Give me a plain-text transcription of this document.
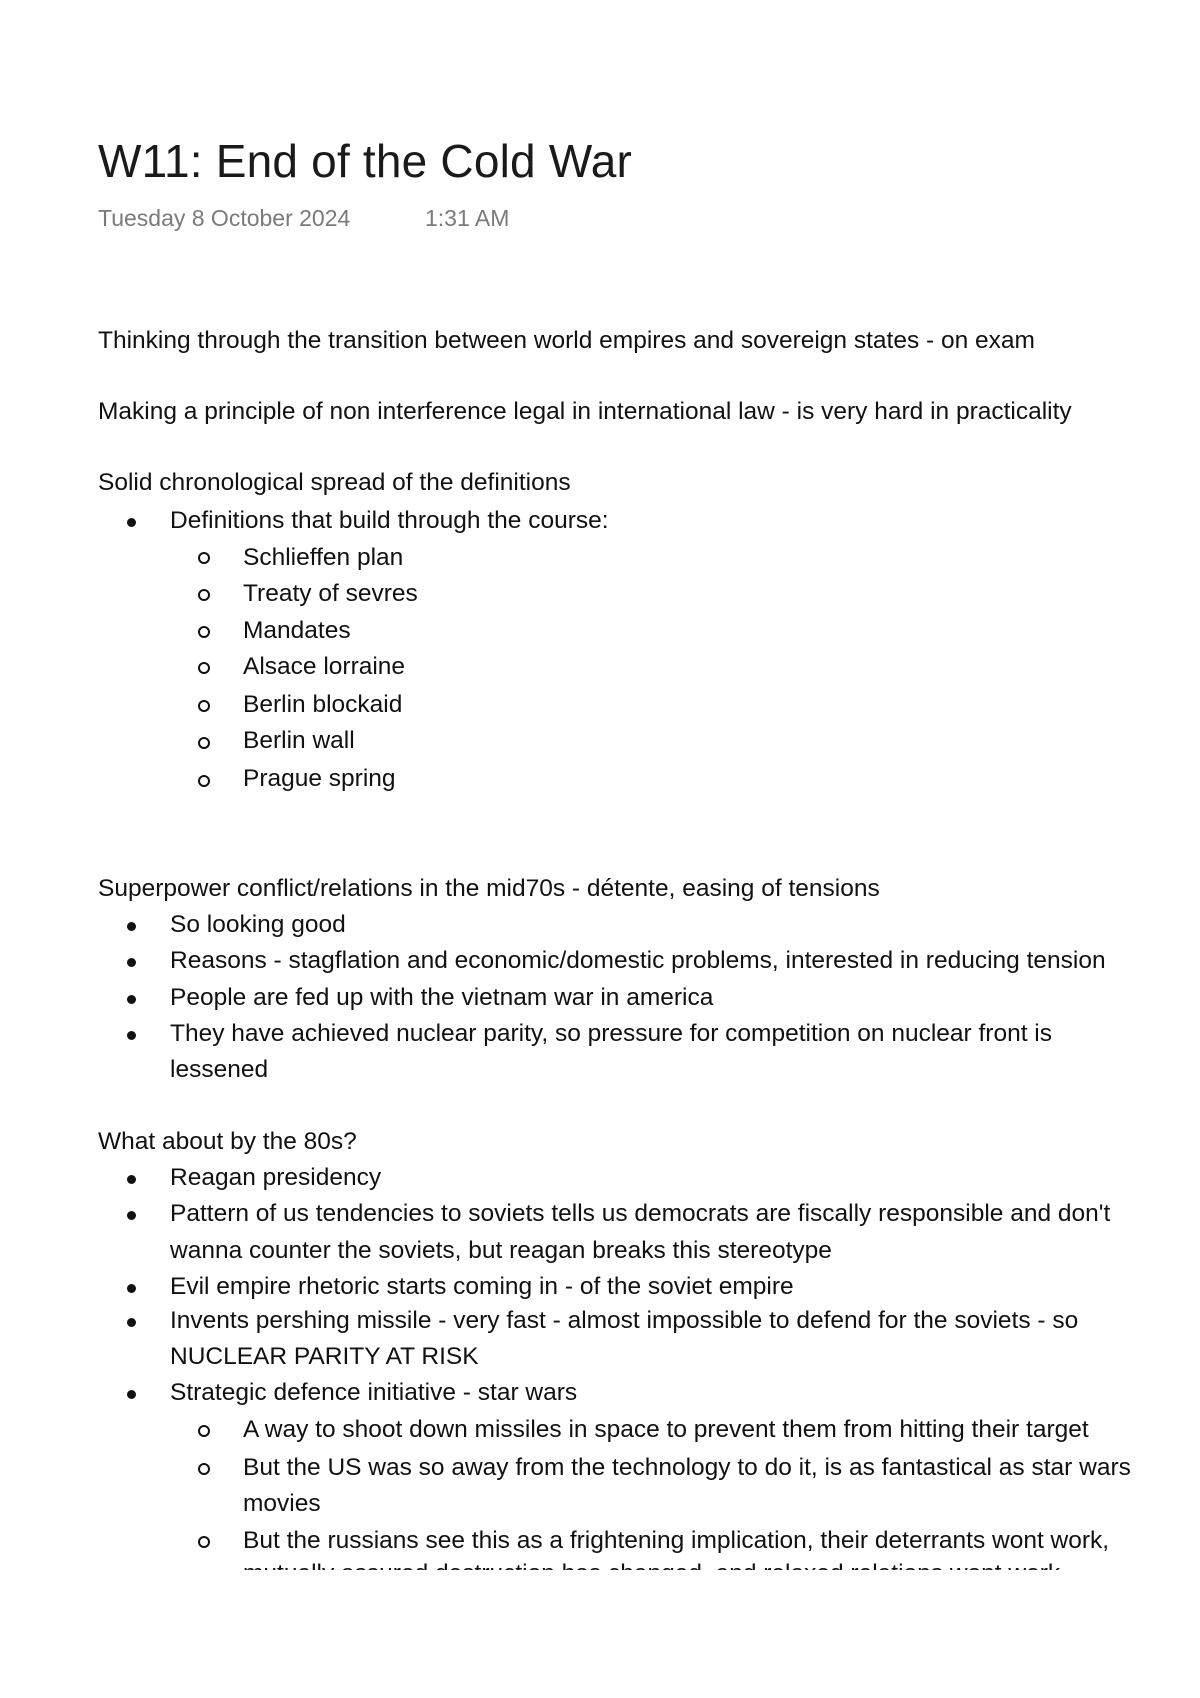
W11: End of the Cold War
Tuesday 8 October 2024	1:31 AM
Thinking through the transition between world empires and sovereign states - on exam
Making a principle of non interference legal in international law - is very hard in practicality
Solid chronological spread of the definitions
Definitions that build through the course:
Schlieffen plan
Treaty of sevres
Mandates
Alsace lorraine
Berlin blockaid
Berlin wall
Prague spring
Superpower conflict/relations in the mid70s - détente, easing of tensions
So looking good
Reasons - stagflation and economic/domestic problems, interested in reducing tension
People are fed up with the vietnam war in america
They have achieved nuclear parity, so pressure for competition on nuclear front is
lessened
What about by the 80s?
Reagan presidency
Pattern of us tendencies to soviets tells us democrats are fiscally responsible and don't
wanna counter the soviets, but reagan breaks this stereotype
Evil empire rhetoric starts coming in - of the soviet empire
Invents pershing missile - very fast - almost impossible to defend for the soviets - so
NUCLEAR PARITY AT RISK
Strategic defence initiative - star wars
A way to shoot down missiles in space to prevent them from hitting their target
But the US was so away from the technology to do it, is as fantastical as star wars
movies
But the russians see this as a frightening implication, their deterrants wont work,
